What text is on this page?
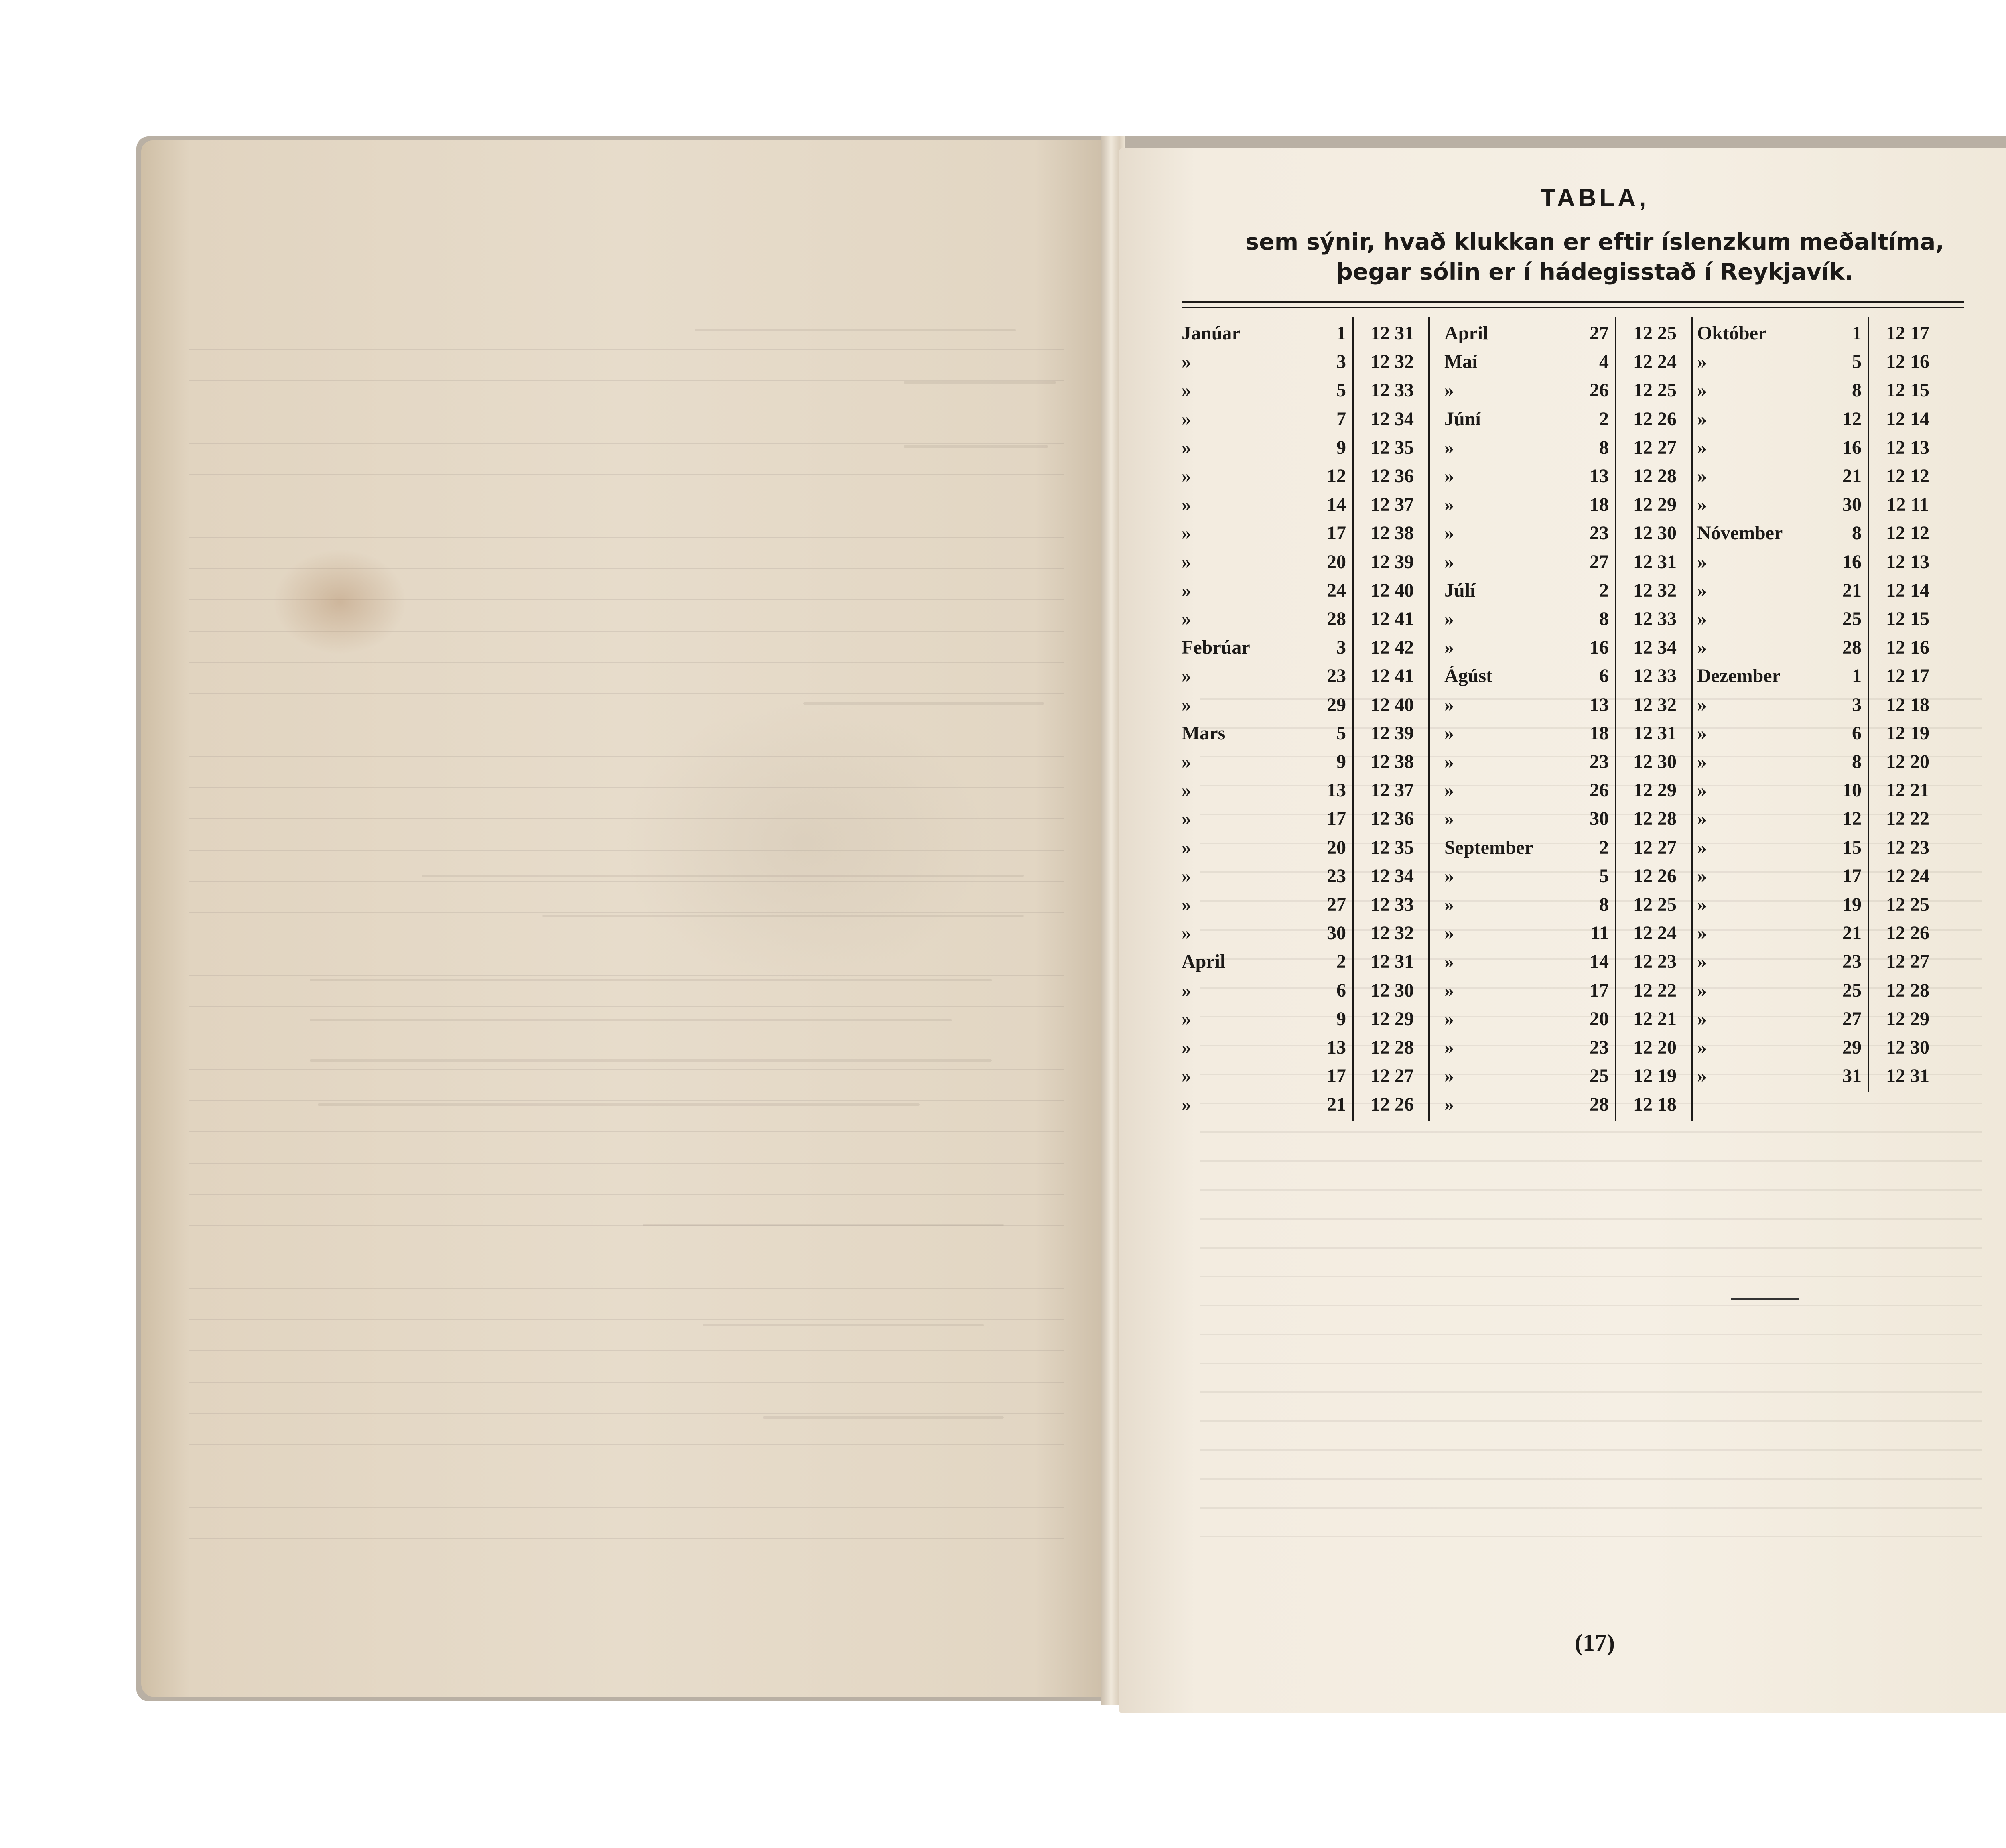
TABLA,
sem sýnir, hvað klukkan er eftir íslenzkum meðaltíma,
þegar sólin er í hádegisstað í Reykjavík.
Janúar	1	12 31
»	3	12 32
»	5	12 33
»	7	12 34
»	9	12 35
»	12	12 36
»	14	12 37
»	17	12 38
»	20	12 39
»	24	12 40
»	28	12 41
Febrúar	3	12 42
»	23	12 41
»	29	12 40
Mars	5	12 39
»	9	12 38
»	13	12 37
»	17	12 36
»	20	12 35
»	23	12 34
»	27	12 33
»	30	12 32
April	2	12 31
»	6	12 30
»	9	12 29
»	13	12 28
»	17	12 27
»	21	12 26
April	27	12 25
Maí	4	12 24
»	26	12 25
Júní	2	12 26
»	8	12 27
»	13	12 28
»	18	12 29
»	23	12 30
»	27	12 31
Júlí	2	12 32
»	8	12 33
»	16	12 34
Ágúst	6	12 33
»	13	12 32
»	18	12 31
»	23	12 30
»	26	12 29
»	30	12 28
September	2	12 27
»	5	12 26
»	8	12 25
»	11	12 24
»	14	12 23
»	17	12 22
»	20	12 21
»	23	12 20
»	25	12 19
»	28	12 18
Október	1	12 17
»	5	12 16
»	8	12 15
»	12	12 14
»	16	12 13
»	21	12 12
»	30	12 11
Nóvember	8	12 12
»	16	12 13
»	21	12 14
»	25	12 15
»	28	12 16
Dezember	1	12 17
»	3	12 18
»	6	12 19
»	8	12 20
»	10	12 21
»	12	12 22
»	15	12 23
»	17	12 24
»	19	12 25
»	21	12 26
»	23	12 27
»	25	12 28
»	27	12 29
»	29	12 30
»	31	12 31
(17)
